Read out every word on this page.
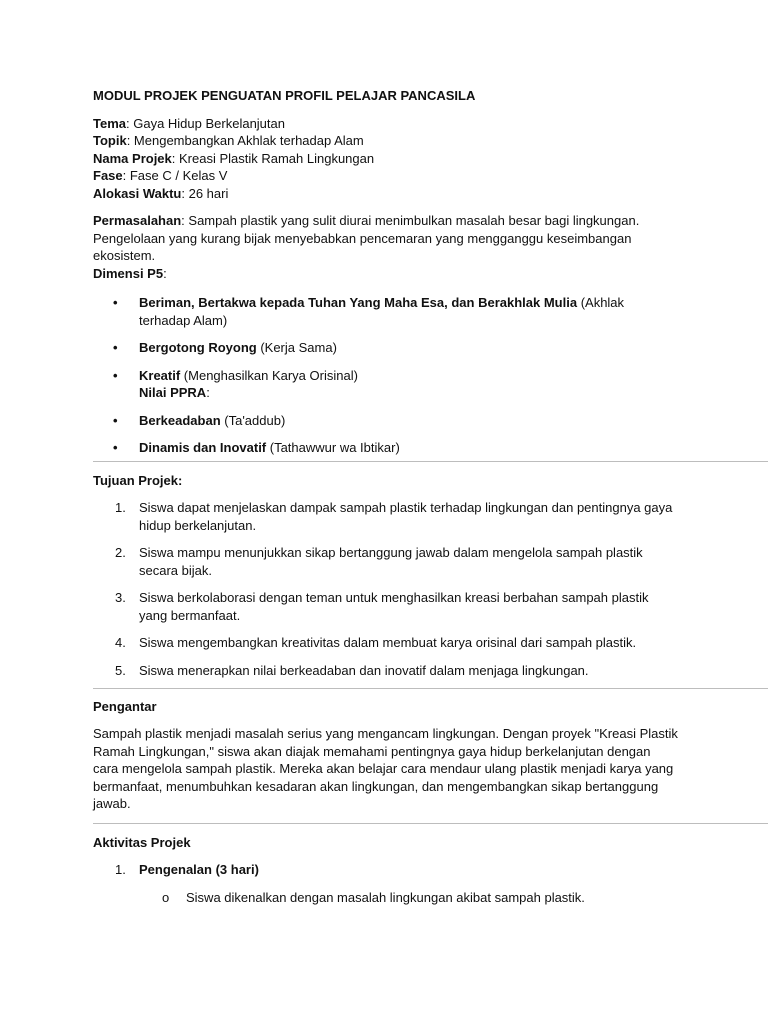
MODUL PROJEK PENGUATAN PROFIL PELAJAR PANCASILA

Tema: Gaya Hidup Berkelanjutan

Topik: Mengembangkan Akhlak terhadap Alam

Nama Projek: Kreasi Plastik Ramah Lingkungan

Fase: Fase C / Kelas V

Alokasi Waktu: 26 hari

Permasalahan: Sampah plastik yang sulit diurai menimbulkan masalah besar bagi lingkungan. Pengelolaan yang kurang bijak menyebabkan pencemaran yang mengganggu keseimbangan ekosistem.

Dimensi P5:

• Beriman, Bertakwa kepada Tuhan Yang Maha Esa, dan Berakhlak Mulia (Akhlak terhadap Alam)
• Bergotong Royong (Kerja Sama)
• Kreatif (Menghasilkan Karya Orisinal)
Nilai PPRA:
• Berkeadaban (Ta'addub)
• Dinamis dan Inovatif (Tathawwur wa Ibtikar)
Tujuan Projek:
1. Siswa dapat menjelaskan dampak sampah plastik terhadap lingkungan dan pentingnya gaya hidup berkelanjutan.
2. Siswa mampu menunjukkan sikap bertanggung jawab dalam mengelola sampah plastik secara bijak.
3. Siswa berkolaborasi dengan teman untuk menghasilkan kreasi berbahan sampah plastik yang bermanfaat.
4. Siswa mengembangkan kreativitas dalam membuat karya orisinal dari sampah plastik.
5. Siswa menerapkan nilai berkeadaban dan inovatif dalam menjaga lingkungan.
Pengantar

Sampah plastik menjadi masalah serius yang mengancam lingkungan. Dengan proyek "Kreasi Plastik Ramah Lingkungan," siswa akan diajak memahami pentingnya gaya hidup berkelanjutan dengan cara mengelola sampah plastik. Mereka akan belajar cara mendaur ulang plastik menjadi karya yang bermanfaat, menumbuhkan kesadaran akan lingkungan, dan mengembangkan sikap bertanggung jawab.

Aktivitas Projek
1. Pengenalan (3 hari)
o Siswa dikenalkan dengan masalah lingkungan akibat sampah plastik.
